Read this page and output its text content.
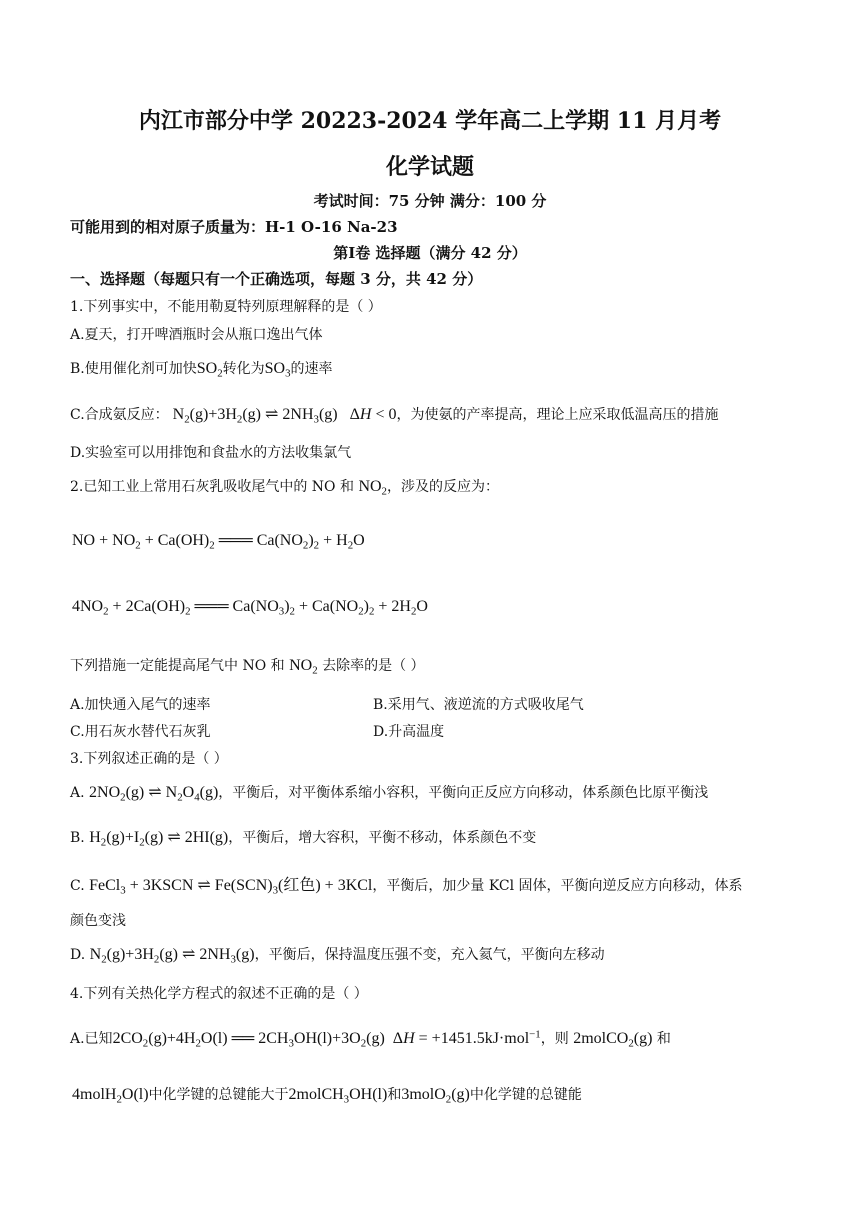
内江市部分中学 20223-2024 学年高二上学期 11 月月考
化学试题
考试时间：75 分钟 满分：100 分
可能用到的相对原子质量为：H-1 O-16 Na-23
第Ⅰ卷 选择题（满分 42 分）
一、选择题（每题只有一个正确选项，每题 3 分，共 42 分）
1.下列事实中，不能用勒夏特列原理解释的是（ ）
A.夏天，打开啤酒瓶时会从瓶口逸出气体
B.使用催化剂可加快$SO_2$转化为$SO_3$的速率
C.合成氨反应： $N_2(g)+3H_2(g)$ ⇌ $2NH_3(g) \Delta H < 0$，为使氨的产率提高，理论上应采取低温高压的措施
D.实验室可以用排饱和食盐水的方法收集氯气
2.已知工业上常用石灰乳吸收尾气中的 NO 和 $NO_2$，涉及的反应为：
NO + $NO_2 + Ca(OH)_2$ ═══ $Ca(NO_2)_2 + H_2O$
$4NO_2 + 2Ca(OH)_2$ ═══ $Ca(NO_3)_2 + Ca(NO_2)_2 + 2H_2O$
下列措施一定能提高尾气中 NO 和 $NO_2$ 去除率的是（ ）
A.加快通入尾气的速率	B.采用气、液逆流的方式吸收尾气
C.用石灰水替代石灰乳	D.升高温度
3.下列叙述正确的是（ ）
A. $2NO_2(g)$ ⇌ $N_2O_4(g)$，平衡后，对平衡体系缩小容积，平衡向正反应方向移动，体系颜色比原平衡浅
B. $H_2(g)+I_2(g)$ ⇌ 2HI(g)，平衡后，增大容积，平衡不移动，体系颜色不变
C. FeCl$_3$ + 3KSCN ⇌ $Fe(SCN)_3$(红色) + 3KCl，平衡后，加少量 KCl 固体，平衡向逆反应方向移动，体系
颜色变浅
D. $N_2(g)+3H_2(g)$ ⇌ $2NH_3(g)$，平衡后，保持温度压强不变，充入氦气，平衡向左移动
4.下列有关热化学方程式的叙述不正确的是（ ）
A.已知$2CO_2(g)+4H_2O(l)$ ══ $2CH_3OH(l)+3O_2(g) \Delta H = +1451.5kJ\cdot mol^{-1}$，则 2molCO$_2$(g) 和
4molH$_2$O(l)中化学键的总键能大于2molCH$_3$OH(l)和3molO$_2$(g)中化学键的总键能
